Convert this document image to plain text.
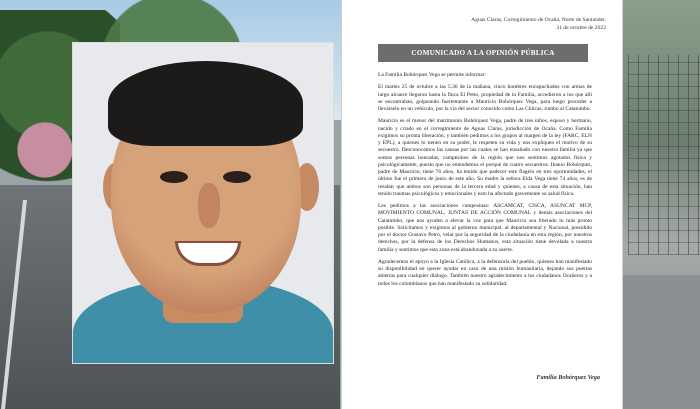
Aguas Claras, Corregimiento de Ocaña, Norte de Santander.
31 de octubre de 2022
COMUNICADO A LA OPINIÓN PÚBLICA

La Familia Bohórquez Vega se permite informar:

El martes 25 de octubre a las 5:30 de la mañana, cinco hombres encapuchados con armas de largo alcance llegaron hasta la finca El Petto, propiedad de la Familia, accedieron a los que allí se encontraban, golpeando fuertemente a Mauricio Bohórquez Vega, para luego proceder a llevárselo en un vehículo, por la vía del sector conocido como Las Chiicas, rumbo al Catatumbo.

Mauricio es el menor del matrimonio Bohórquez Vega, padre de tres niños, esposo y hermano, nacido y criado en el corregimiento de Aguas Claras, jurisdicción de Ocaña. Como Familia exigimos su pronta liberación, y también pedimos a los grupos al margen de la ley (FARC, ELN y EPL), a quienes lo tienen en su poder, le respeten su vida y nos expliquen el motivo de su secuestro. Desconocemos las causas por las cuales se han ensañado con nuestra familia ya que somos personas honradas, campesinos de la región que nos sentimos agotados física y psicológicamente, puesto que no entendemos el porqué de cuatro secuestros. Ibanio Bohórquez, padre de Mauricio, tiene 76 años, ha tenido que padecer este flagelo en tres oportunidades, el último fue el primero de junio de este año. Su madre la señora Elda Vega tiene 74 años, es de resaltar que ambos son personas de la tercera edad y quienes, a causa de esta situación, han tenido traumas psicológicos y emocionales y esto ha afectado gravemente su salud física.

Les pedimos a las asociaciones campesinas: ASCAMCAT, CISCA, ASUNCAT MCP, MOVIMIENTO COMUNAL, JUNTAS DE ACCIÓN COMUNAL y demás asociaciones del Catatumbo, que nos ayuden a elevar la voz para que Mauricio sea liberado lo más pronto posible. Solicitamos y exigimos al gobierno municipal, al departamental y Nacional, presidido por el doctor Gustavo Petro, velar por la seguridad de la ciudadanía en esta región, por nuestros derechos, por la defensa de los Derechos Humanos, esta situación tiene devolada a nuestra familia y sentimos que esta zona está abandonada a su suerte.

Agradecemos el apoyo a la Iglesia Católica, a la defensoría del pueblo, quienes han manifestado su disponibilidad en querer ayudar en caso de una misión humanitaria, dejando sus puertas abiertas para cualquier diálogo. También nuestro agradecimiento a los ciudadanos Ocañeros y a todos los colombianos que han manifestado su solidaridad.

Familia Bohórquez Vega
